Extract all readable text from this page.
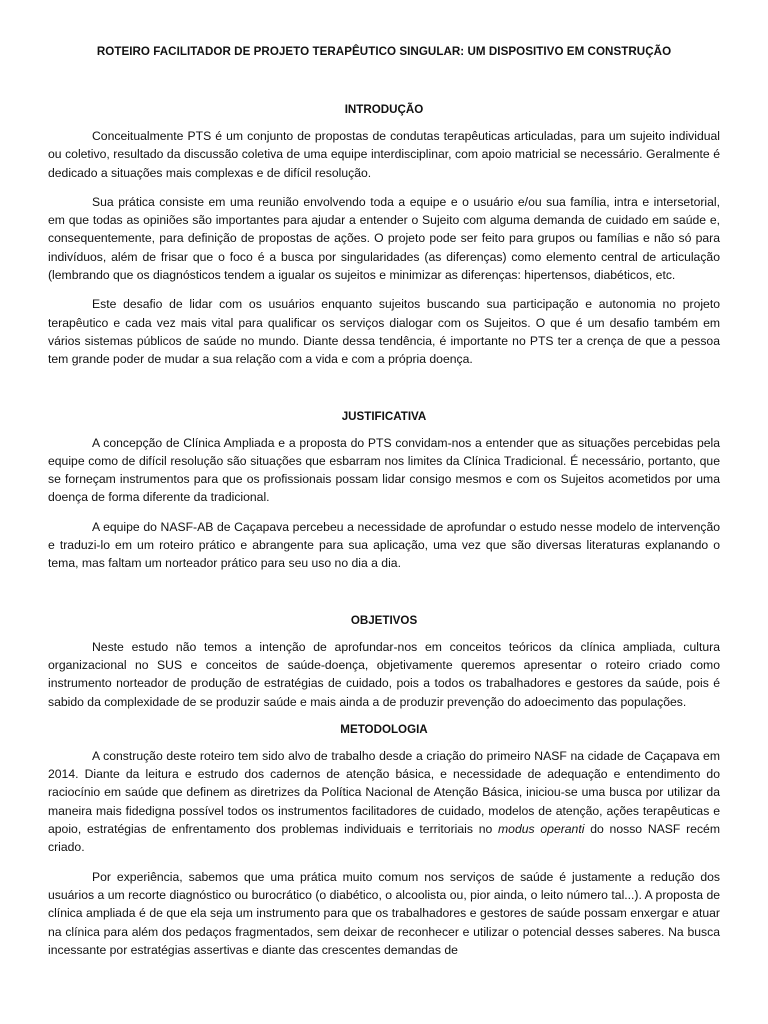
ROTEIRO FACILITADOR DE PROJETO TERAPÊUTICO SINGULAR: UM DISPOSITIVO EM CONSTRUÇÃO
INTRODUÇÃO

Conceitualmente PTS é um conjunto de propostas de condutas terapêuticas articuladas, para um sujeito individual ou coletivo, resultado da discussão coletiva de uma equipe interdisciplinar, com apoio matricial se necessário. Geralmente é dedicado a situações mais complexas e de difícil resolução.

Sua prática consiste em uma reunião envolvendo toda a equipe e o usuário e/ou sua família, intra e intersetorial, em que todas as opiniões são importantes para ajudar a entender o Sujeito com alguma demanda de cuidado em saúde e, consequentemente, para definição de propostas de ações. O projeto pode ser feito para grupos ou famílias e não só para indivíduos, além de frisar que o foco é a busca por singularidades (as diferenças) como elemento central de articulação (lembrando que os diagnósticos tendem a igualar os sujeitos e minimizar as diferenças: hipertensos, diabéticos, etc.

Este desafio de lidar com os usuários enquanto sujeitos buscando sua participação e autonomia no projeto terapêutico e cada vez mais vital para qualificar os serviços dialogar com os Sujeitos. O que é um desafio também em vários sistemas públicos de saúde no mundo. Diante dessa tendência, é importante no PTS ter a crença de que a pessoa tem grande poder de mudar a sua relação com a vida e com a própria doença.

JUSTIFICATIVA

A concepção de Clínica Ampliada e a proposta do PTS convidam-nos a entender que as situações percebidas pela equipe como de difícil resolução são situações que esbarram nos limites da Clínica Tradicional. É necessário, portanto, que se forneçam instrumentos para que os profissionais possam lidar consigo mesmos e com os Sujeitos acometidos por uma doença de forma diferente da tradicional.

A equipe do NASF-AB de Caçapava percebeu a necessidade de aprofundar o estudo nesse modelo de intervenção e traduzi-lo em um roteiro prático e abrangente para sua aplicação, uma vez que são diversas literaturas explanando o tema, mas faltam um norteador prático para seu uso no dia a dia.

OBJETIVOS

Neste estudo não temos a intenção de aprofundar-nos em conceitos teóricos da clínica ampliada, cultura organizacional no SUS e conceitos de saúde-doença, objetivamente queremos apresentar o roteiro criado como instrumento norteador de produção de estratégias de cuidado, pois a todos os trabalhadores e gestores da saúde, pois é sabido da complexidade de se produzir saúde e mais ainda a de produzir prevenção do adoecimento das populações.

METODOLOGIA

A construção deste roteiro tem sido alvo de trabalho desde a criação do primeiro NASF na cidade de Caçapava em 2014. Diante da leitura e estrudo dos cadernos de atenção básica, e necessidade de adequação e entendimento do raciocínio em saúde que definem as diretrizes da Política Nacional de Atenção Básica, iniciou-se uma busca por utilizar da maneira mais fidedigna possível todos os instrumentos facilitadores de cuidado, modelos de atenção, ações terapêuticas e apoio, estratégias de enfrentamento dos problemas individuais e territoriais no modus operanti do nosso NASF recém criado.

Por experiência, sabemos que uma prática muito comum nos serviços de saúde é justamente a redução dos usuários a um recorte diagnóstico ou burocrático (o diabético, o alcoolista ou, pior ainda, o leito número tal...). A proposta de clínica ampliada é de que ela seja um instrumento para que os trabalhadores e gestores de saúde possam enxergar e atuar na clínica para além dos pedaços fragmentados, sem deixar de reconhecer e utilizar o potencial desses saberes. Na busca incessante por estratégias assertivas e diante das crescentes demandas de
